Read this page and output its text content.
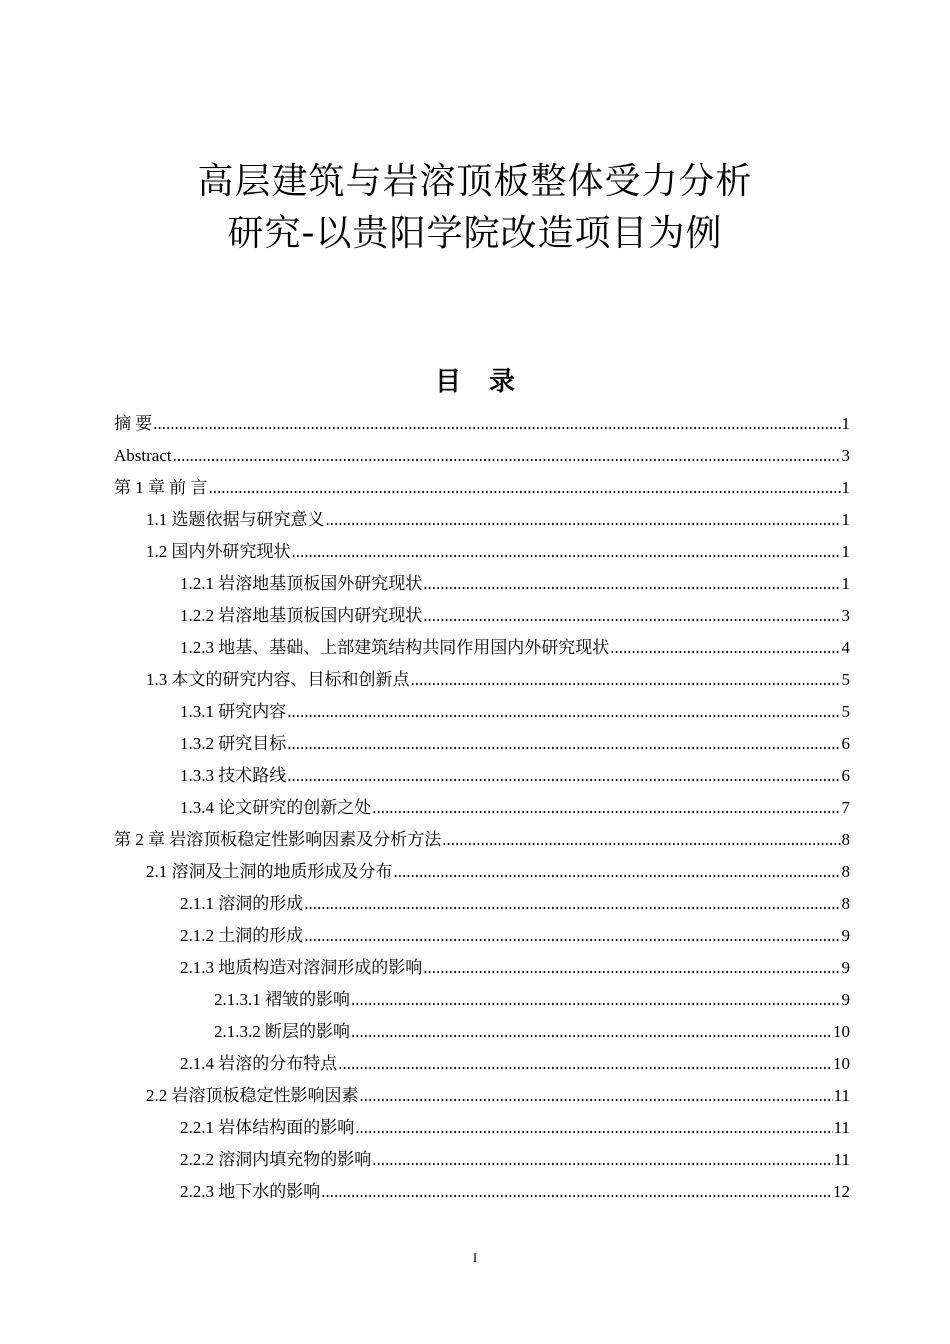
高层建筑与岩溶顶板整体受力分析
研究-以贵阳学院改造项目为例
目 录
摘 要 .....	1
Abstract .....	3
第 1 章 前 言 .....	1
1.1 选题依据与研究意义 .....	1
1.2 国内外研究现状 .....	1
1.2.1 岩溶地基顶板国外研究现状 .....	1
1.2.2 岩溶地基顶板国内研究现状 .....	3
1.2.3 地基、基础、上部建筑结构共同作用国内外研究现状 .....	4
1.3 本文的研究内容、目标和创新点 .....	5
1.3.1 研究内容 .....	5
1.3.2 研究目标 .....	6
1.3.3 技术路线 .....	6
1.3.4 论文研究的创新之处 .....	7
第 2 章 岩溶顶板稳定性影响因素及分析方法 .....	8
2.1 溶洞及土洞的地质形成及分布 .....	8
2.1.1 溶洞的形成 .....	8
2.1.2 土洞的形成 .....	9
2.1.3 地质构造对溶洞形成的影响 .....	9
2.1.3.1 褶皱的影响 .....	9
2.1.3.2 断层的影响 .....	10
2.1.4 岩溶的分布特点 .....	10
2.2 岩溶顶板稳定性影响因素 .....	11
2.2.1 岩体结构面的影响 .....	11
2.2.2 溶洞内填充物的影响 .....	11
2.2.3 地下水的影响 .....	12
I
